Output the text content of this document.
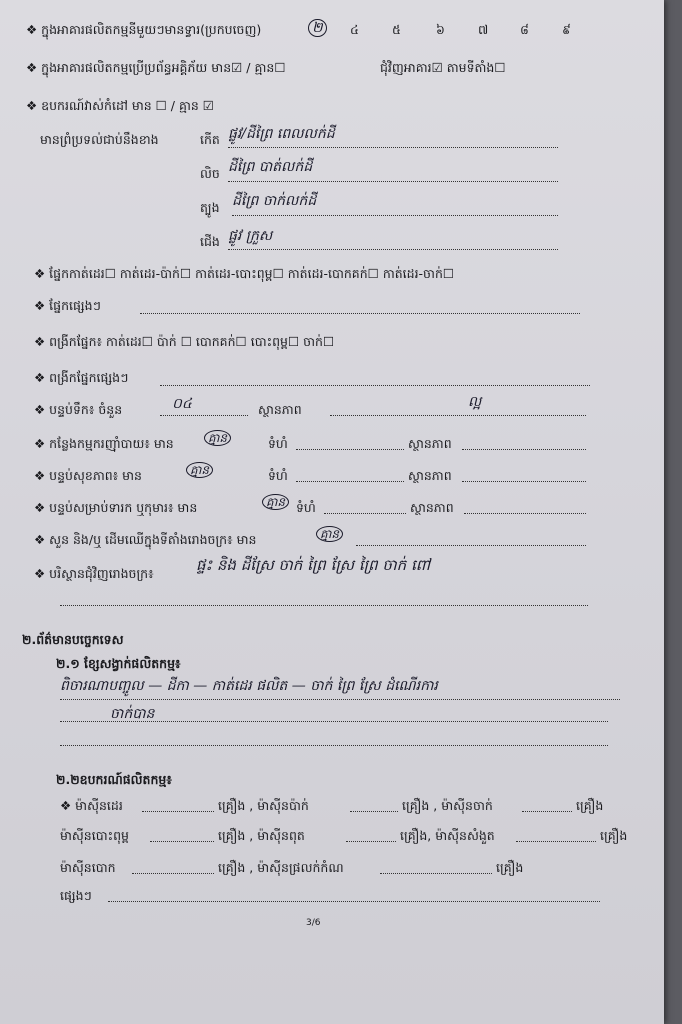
❖ ក្នុងអាគារផលិតកម្មនីមួយៗមានទ្វារ(ប្រកបចេញ)	២	៤	៥	៦	៧	៨	៩
❖ ក្នុងអាគារផលិតកម្មប្រើប្រព័ន្ធអគ្គិភ័យ មាន☑ / គ្មាន☐	ជុំវិញអាគារ☑ តាមទីតាំង☐
❖ ឧបករណ៍វាស់កំដៅ មាន ☐ / គ្មាន ☑
មានព្រំប្រទល់ជាប់នឹងខាង	កើត ផ្លូវ/ដីព្រៃ ពេលលក់ដី
លិច ដីព្រៃ បាត់លក់ដី
ត្បូង ដីព្រៃ ចាក់លក់ដី
ជើង ផ្លូវ ក្រួស
❖ ផ្នែកកាត់ដេរ☐ កាត់ដេរ-ប៉ាក់☐ កាត់ដេរ-បោះពុម្ព☐ កាត់ដេរ-បោកគក់☐ កាត់ដេរ-ចាក់☐
❖ ផ្នែកផ្សេងៗ
❖ ពង្រីកផ្នែក៖ កាត់ដេរ☐ ប៉ាក់ ☐ បោកគក់☐ បោះពុម្ព☐ ចាក់☐
❖ ពង្រីកផ្នែកផ្សេងៗ
❖ បន្ទប់ទឹក៖ ចំនួន	០៤	ស្ថានភាព	ល្អ
❖ កន្លែងកម្មករញ៉ាំបាយ៖ មាន	គ្មាន	ទំហំ	ស្ថានភាព
❖ បន្ទប់សុខភាព៖ មាន	គ្មាន	ទំហំ	ស្ថានភាព
❖ បន្ទប់សម្រាប់ទារក ឬកុមារ៖ មាន	គ្មាន ទំហំ	ស្ថានភាព
❖ សួន និង/ឬ ដើមឈើក្នុងទីតាំងរោងចក្រ៖ មាន	គ្មាន
❖ បរិស្ថានជុំវិញរោងចក្រ៖	ផ្ទះ និង ដីស្រែ ចាក់ ព្រៃ ស្រែ ព្រៃ ចាក់ ពៅ
២.ព័ត៌មានបច្ចេកទេស
២.១ ខ្សែសង្វាក់ផលិតកម្ម៖
ពិចារណាបញ្ចូល — ដីកា — កាត់ដេរ ផលិត — ចាក់ ព្រៃ ស្រែ ដំណើរការ
ចាក់បាន
២.២ឧបករណ៍ផលិតកម្ម៖
❖ ម៉ាស៊ីនដេរ	គ្រឿង , ម៉ាស៊ីនប៉ាក់	គ្រឿង , ម៉ាស៊ីនចាក់	គ្រឿង
ម៉ាស៊ីនបោះពុម្ព	គ្រឿង , ម៉ាស៊ីនពុត	គ្រឿង, ម៉ាស៊ីនសំងួត	គ្រឿង
ម៉ាស៊ីនបោក	គ្រឿង , ម៉ាស៊ីនផ្រលក់កំណ	គ្រឿង
ផ្សេងៗ
3/6
